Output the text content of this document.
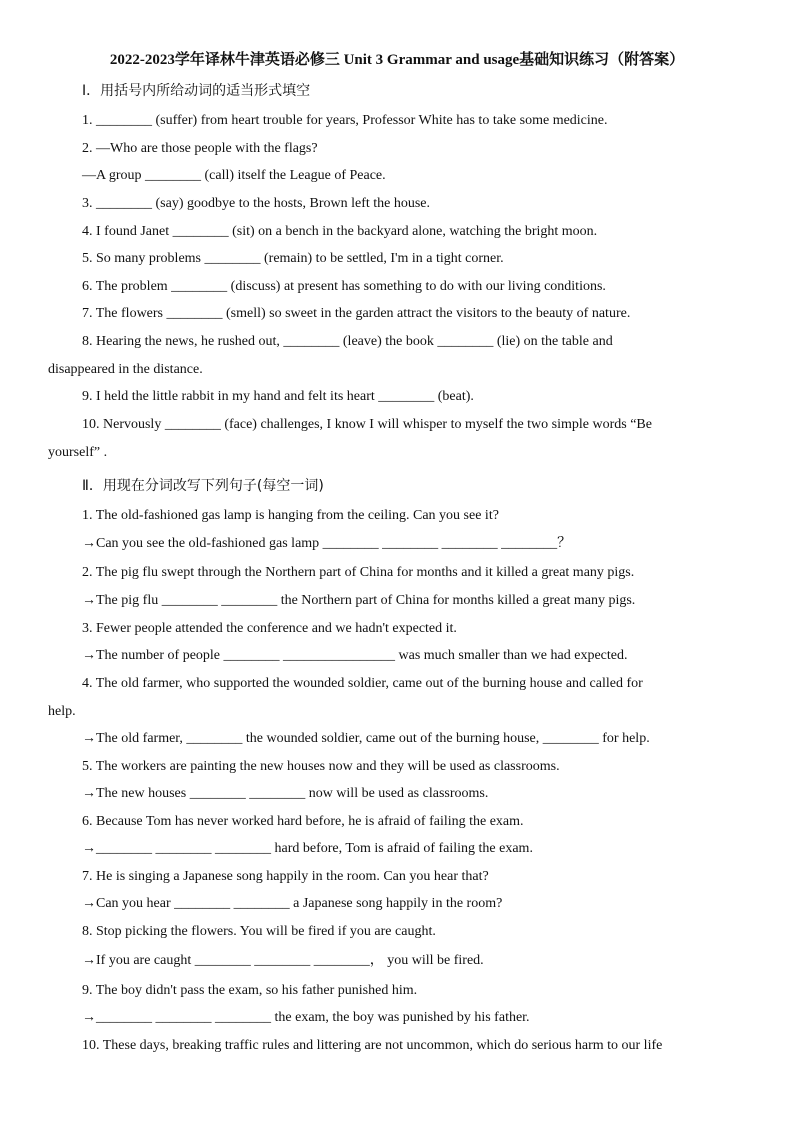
2022-2023学年译林牛津英语必修三 Unit 3 Grammar and usage基础知识练习（附答案）
Ⅰ．用括号内所给动词的适当形式填空
1. ________ (suffer) from heart trouble for years, Professor White has to take some medicine.
2. —Who are those people with the flags?
—A group ________ (call) itself the League of Peace.
3. ________ (say) goodbye to the hosts, Brown left the house.
4. I found Janet ________ (sit) on a bench in the backyard alone, watching the bright moon.
5. So many problems ________ (remain) to be settled, I'm in a tight corner.
6. The problem ________ (discuss) at present has something to do with our living conditions.
7. The flowers ________ (smell) so sweet in the garden attract the visitors to the beauty of nature.
8. Hearing the news, he rushed out, ________ (leave) the book ________ (lie) on the table and
disappeared in the distance.
9. I held the little rabbit in my hand and felt its heart ________ (beat).
10. Nervously ________ (face) challenges, I know I will whisper to myself the two simple words “Be
yourself” .
Ⅱ．用现在分词改写下列句子(每空一词)
1. The old-fashioned gas lamp is hanging from the ceiling. Can you see it?
→Can you see the old-fashioned gas lamp ________ ________ ________ ________？
2. The pig flu swept through the Northern part of China for months and it killed a great many pigs.
→The pig flu ________ ________ the Northern part of China for months killed a great many pigs.
3. Fewer people attended the conference and we hadn't expected it.
→The number of people ________ ________________ was much smaller than we had expected.
4. The old farmer, who supported the wounded soldier, came out of the burning house and called for
help.
→The old farmer, ________ the wounded soldier, came out of the burning house, ________ for help.
5. The workers are painting the new houses now and they will be used as classrooms.
→The new houses ________ ________ now will be used as classrooms.
6. Because Tom has never worked hard before, he is afraid of failing the exam.
→________ ________ ________ hard before, Tom is afraid of failing the exam.
7. He is singing a Japanese song happily in the room. Can you hear that?
→Can you hear ________ ________ a Japanese song happily in the room?
8. Stop picking the flowers. You will be fired if you are caught.
→If you are caught ________ ________ ________， you will be fired.
9. The boy didn't pass the exam, so his father punished him.
→________ ________ ________ the exam, the boy was punished by his father.
10. These days, breaking traffic rules and littering are not uncommon, which do serious harm to our life
